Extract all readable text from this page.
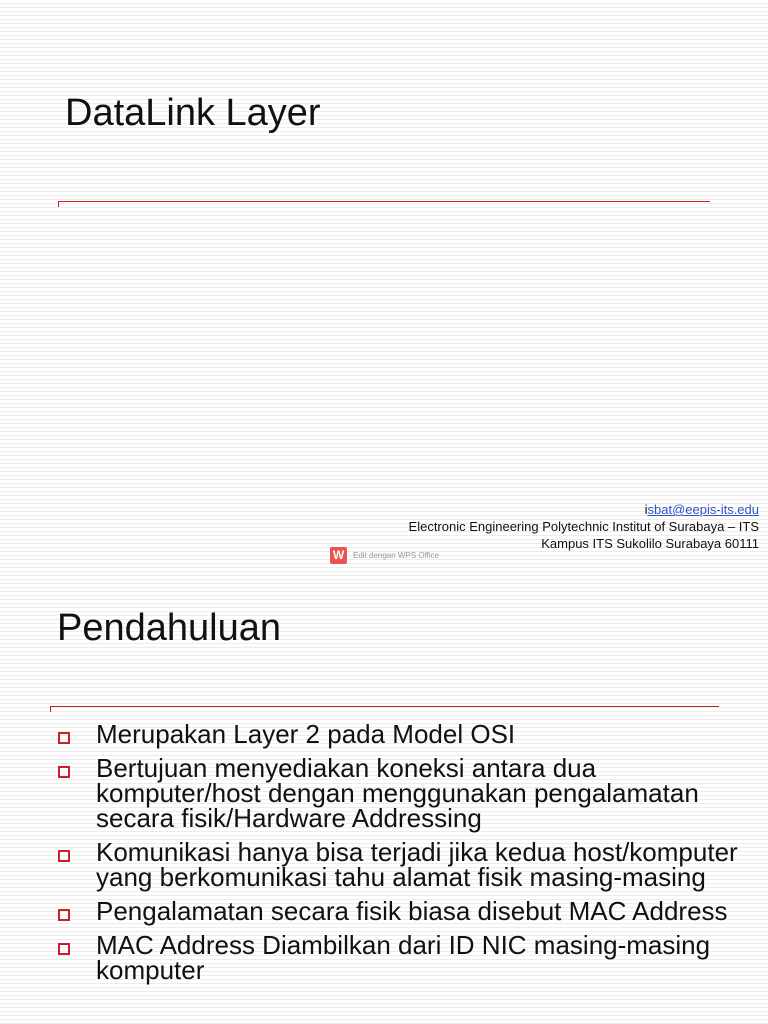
DataLink Layer
isbat@eepis-its.edu
Electronic Engineering Polytechnic Institut of Surabaya – ITS
Kampus ITS Sukolilo Surabaya 60111
W	Edit dengan WPS Office
Pendahuluan
Merupakan Layer 2 pada Model OSI
Bertujuan menyediakan koneksi antara dua komputer/host dengan menggunakan pengalamatan secara fisik/Hardware Addressing
Komunikasi hanya bisa terjadi jika kedua host/komputer yang berkomunikasi tahu alamat fisik masing-masing
Pengalamatan secara fisik biasa disebut MAC Address
MAC Address Diambilkan dari ID NIC masing-masing komputer
